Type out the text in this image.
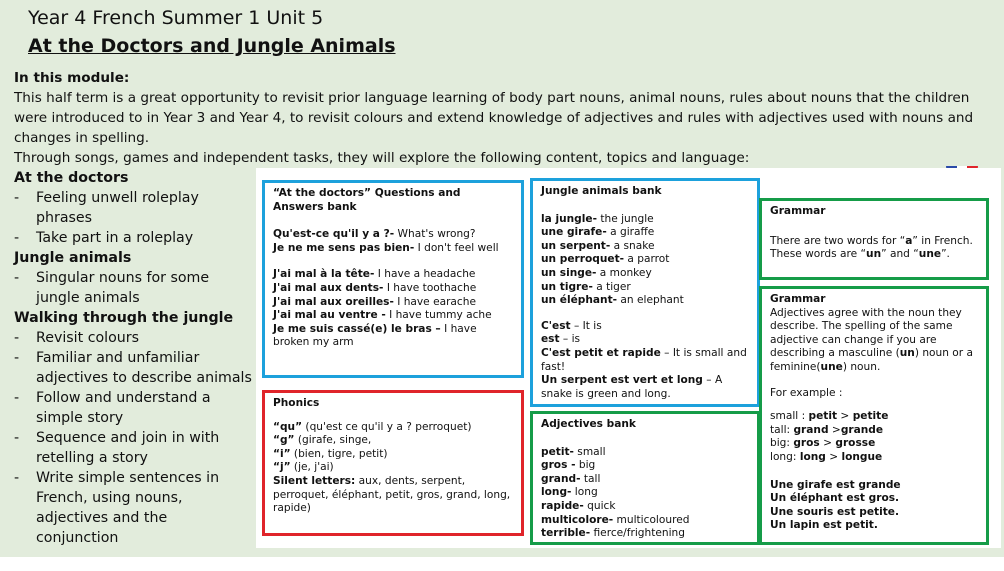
Year 4 French Summer 1 Unit 5
At the Doctors and Jungle Animals
In this module:
This half term is a great opportunity to revisit prior language learning of body part nouns, animal nouns, rules about nouns that the children were introduced to in Year 3 and Year 4, to revisit colours and extend knowledge of adjectives and rules with adjectives used with nouns and changes in spelling.
Through songs, games and independent tasks, they will explore the following content, topics and language:
At the doctors
- Feeling unwell roleplay phrases
- Take part in a roleplay
Jungle animals
- Singular nouns for some jungle animals
Walking through the jungle
- Revisit colours
- Familiar and unfamiliar adjectives to describe animals
- Follow and understand a simple story
- Sequence and join in with retelling a story
- Write simple sentences in French, using nouns, adjectives and the conjunction
“At the doctors” Questions and Answers bank
Qu'est-ce qu'il y a ?- What's wrong?
Je ne me sens pas bien- I don't feel well
J'ai mal à la tête- I have a headache
J'ai mal aux dents- I have toothache
J'ai mal aux oreilles- I have earache
J'ai mal au ventre - I have tummy ache
Je me suis cassé(e) le bras – I have broken my arm
Phonics
“qu” (qu'est ce qu'il y a ? perroquet)
“g” (girafe, singe,
“i” (bien, tigre, petit)
“j” (je, j'ai)
Silent letters: aux, dents, serpent, perroquet, éléphant, petit, gros, grand, long, rapide)
Jungle animals bank
la jungle- the jungle
une girafe- a giraffe
un serpent- a snake
un perroquet- a parrot
un singe- a monkey
un tigre- a tiger
un éléphant- an elephant
C'est – It is
est – is
C'est petit et rapide – It is small and fast!
Un serpent est vert et long – A snake is green and long.
Adjectives bank
petit- small
gros - big
grand- tall
long- long
rapide- quick
multicolore- multicoloured
terrible- fierce/frightening
Grammar
There are two words for “a” in French. These words are “un” and “une”.
Grammar
Adjectives agree with the noun they describe. The spelling of the same adjective can change if you are describing a masculine (un) noun or a feminine(une) noun.
For example :
small : petit > petite
tall: grand >grande
big: gros > grosse
long: long > longue
Une girafe est grande
Un éléphant est gros.
Une souris est petite.
Un lapin est petit.
